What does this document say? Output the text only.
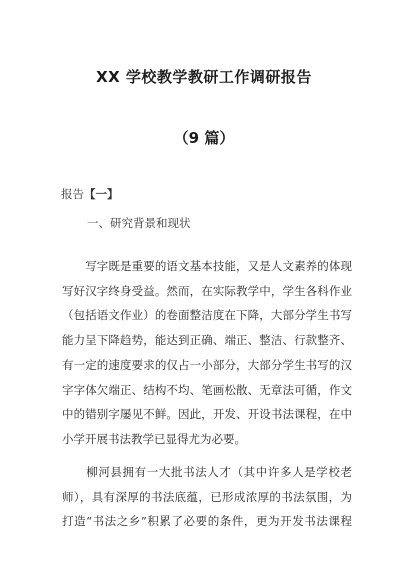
XX 学校教学教研工作调研报告
（9 篇）
报告【一】
一、研究背景和现状

　　写字既是重要的语文基本技能，又是人文素养的体现
写好汉字终身受益。然而，在实际教学中，学生各科作业
（包括语文作业）的卷面整洁度在下降，大部分学生书写
能力呈下降趋势，能达到正确、端正、整洁、行款整齐、
有一定的速度要求的仅占一小部分，大部分学生书写的汉
字字体欠端正、结构不均、笔画松散、无章法可循，作文
中的错别字屡见不鲜。因此，开发、开设书法课程，在中
小学开展书法教学已显得尤为必要。

　　柳河县拥有一大批书法人才（其中许多人是学校老
师），具有深厚的书法底蕴，已形成浓厚的书法氛围，为
打造“书法之乡”积累了必要的条件，更为开发书法课程
